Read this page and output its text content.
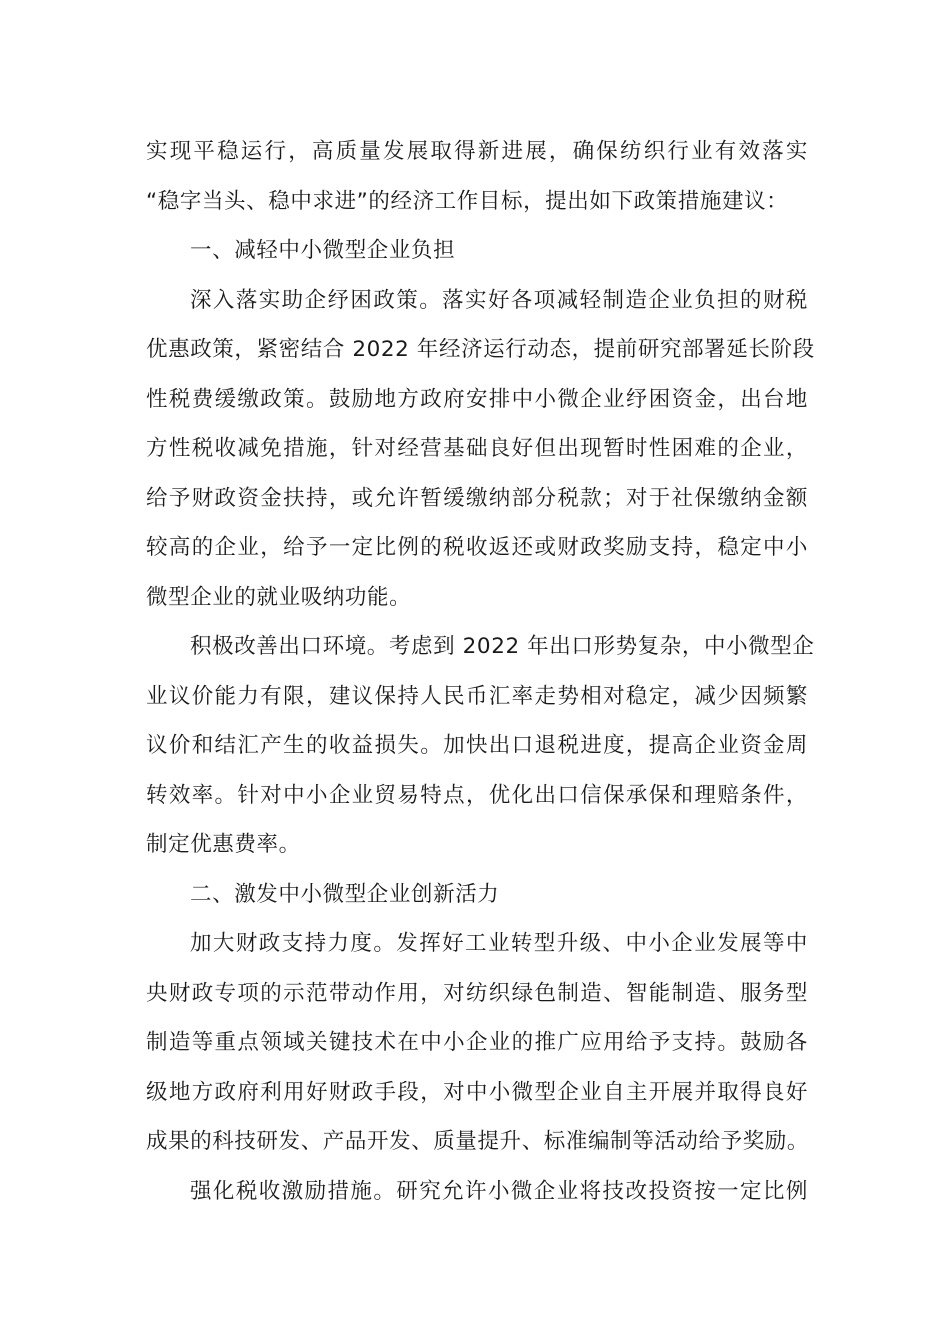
实现平稳运行，高质量发展取得新进展，确保纺织行业有效落实
“稳字当头、稳中求进”的经济工作目标，提出如下政策措施建议：
一、减轻中小微型企业负担
深入落实助企纾困政策。落实好各项减轻制造企业负担的财税
优惠政策，紧密结合 2022 年经济运行动态，提前研究部署延长阶段
性税费缓缴政策。鼓励地方政府安排中小微企业纾困资金，出台地
方性税收减免措施，针对经营基础良好但出现暂时性困难的企业，
给予财政资金扶持，或允许暂缓缴纳部分税款；对于社保缴纳金额
较高的企业，给予一定比例的税收返还或财政奖励支持，稳定中小
微型企业的就业吸纳功能。
积极改善出口环境。考虑到 2022 年出口形势复杂，中小微型企
业议价能力有限，建议保持人民币汇率走势相对稳定，减少因频繁
议价和结汇产生的收益损失。加快出口退税进度，提高企业资金周
转效率。针对中小企业贸易特点，优化出口信保承保和理赔条件，
制定优惠费率。
二、激发中小微型企业创新活力
加大财政支持力度。发挥好工业转型升级、中小企业发展等中
央财政专项的示范带动作用，对纺织绿色制造、智能制造、服务型
制造等重点领域关键技术在中小企业的推广应用给予支持。鼓励各
级地方政府利用好财政手段，对中小微型企业自主开展并取得良好
成果的科技研发、产品开发、质量提升、标准编制等活动给予奖励。
强化税收激励措施。研究允许小微企业将技改投资按一定比例
